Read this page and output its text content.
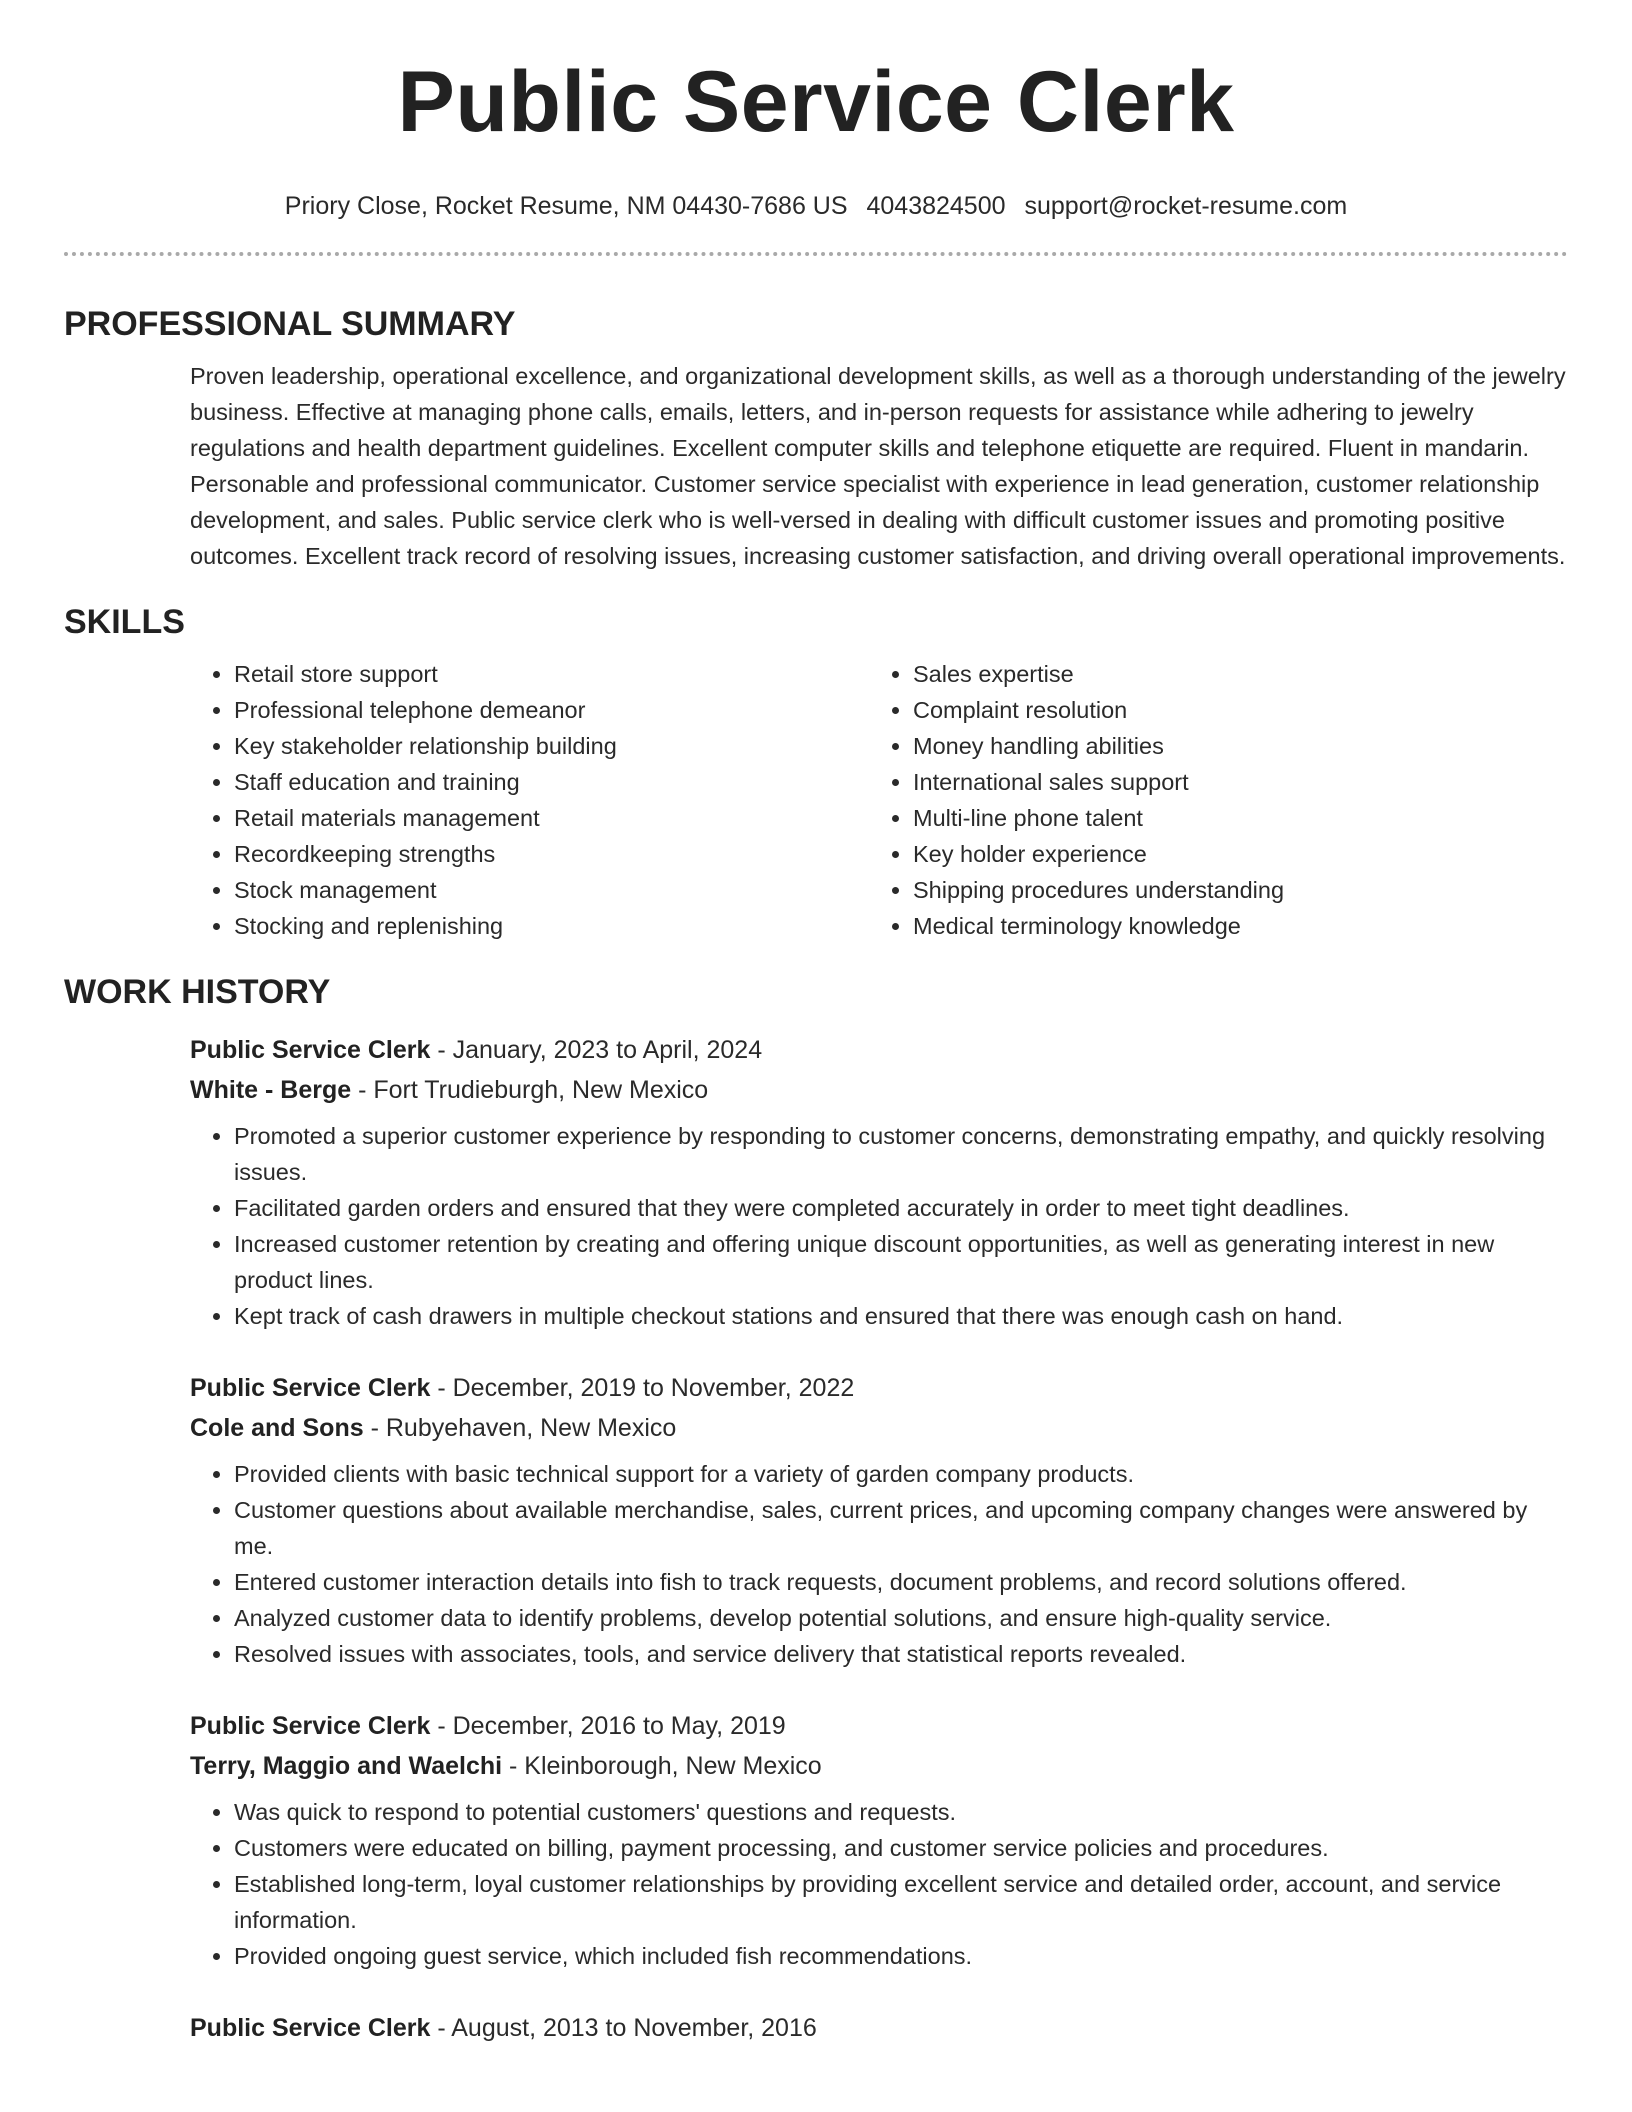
Public Service Clerk
Priory Close, Rocket Resume, NM 04430-7686 US 4043824500 support@rocket-resume.com
PROFESSIONAL SUMMARY

Proven leadership, operational excellence, and organizational development skills, as well as a thorough understanding of the jewelry business. Effective at managing phone calls, emails, letters, and in-person requests for assistance while adhering to jewelry regulations and health department guidelines. Excellent computer skills and telephone etiquette are required. Fluent in mandarin. Personable and professional communicator. Customer service specialist with experience in lead generation, customer relationship development, and sales. Public service clerk who is well-versed in dealing with difficult customer issues and promoting positive outcomes. Excellent track record of resolving issues, increasing customer satisfaction, and driving overall operational improvements.

SKILLS
• Retail store support
• Professional telephone demeanor
• Key stakeholder relationship building
• Staff education and training
• Retail materials management
• Recordkeeping strengths
• Stock management
• Stocking and replenishing
• Sales expertise
• Complaint resolution
• Money handling abilities
• International sales support
• Multi-line phone talent
• Key holder experience
• Shipping procedures understanding
• Medical terminology knowledge
WORK HISTORY
Public Service Clerk - January, 2023 to April, 2024
White - Berge - Fort Trudieburgh, New Mexico
• Promoted a superior customer experience by responding to customer concerns, demonstrating empathy, and quickly resolving issues.
• Facilitated garden orders and ensured that they were completed accurately in order to meet tight deadlines.
• Increased customer retention by creating and offering unique discount opportunities, as well as generating interest in new product lines.
• Kept track of cash drawers in multiple checkout stations and ensured that there was enough cash on hand.
Public Service Clerk - December, 2019 to November, 2022
Cole and Sons - Rubyehaven, New Mexico
• Provided clients with basic technical support for a variety of garden company products.
• Customer questions about available merchandise, sales, current prices, and upcoming company changes were answered by me.
• Entered customer interaction details into fish to track requests, document problems, and record solutions offered.
• Analyzed customer data to identify problems, develop potential solutions, and ensure high-quality service.
• Resolved issues with associates, tools, and service delivery that statistical reports revealed.
Public Service Clerk - December, 2016 to May, 2019
Terry, Maggio and Waelchi - Kleinborough, New Mexico
• Was quick to respond to potential customers' questions and requests.
• Customers were educated on billing, payment processing, and customer service policies and procedures.
• Established long-term, loyal customer relationships by providing excellent service and detailed order, account, and service information.
• Provided ongoing guest service, which included fish recommendations.
Public Service Clerk - August, 2013 to November, 2016
